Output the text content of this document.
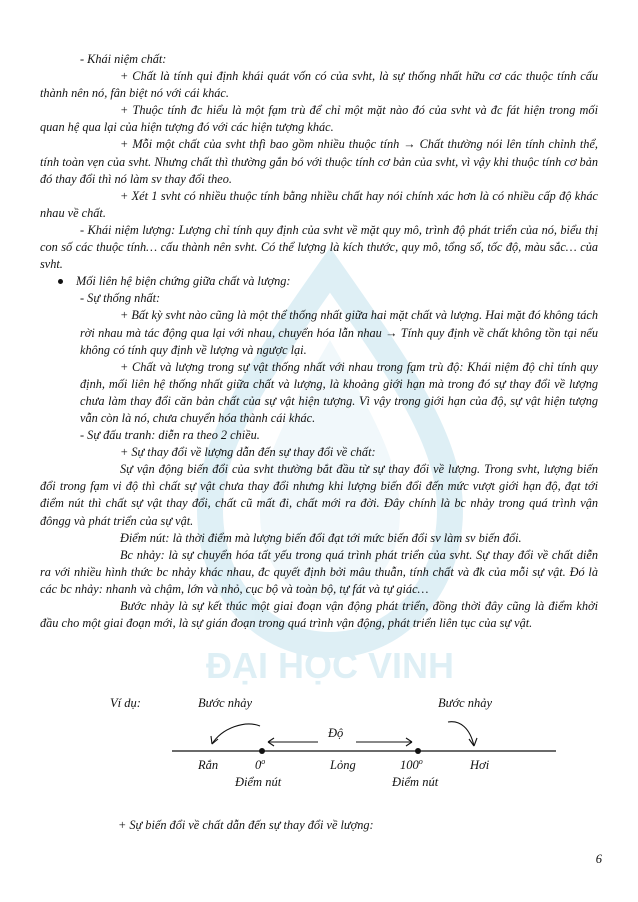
ĐẠI HỌC VINH

- Khái niệm chất:

+ Chất là tính qui định khái quát vốn có của svht, là sự thống nhất hữu cơ các thuộc tính cấu thành nên nó, fân biệt nó với cái khác.

+ Thuộc tính đc hiểu là một fạm trù để chỉ một mặt nào đó của svht và đc fát hiện trong mối quan hệ qua lại của hiện tượng đó với các hiện tượng khác.

+ Mỗi một chất của svht thfì bao gồm nhiều thuộc tính → Chất thường nói lên tính chỉnh thể, tính toàn vẹn của svht. Nhưng chất thì thường gắn bó với thuộc tính cơ bản của svht, vì vậy khi thuộc tính cơ bản đó thay đổi thì nó làm sv thay đổi theo.

+ Xét 1 svht có nhiều thuộc tính bằng nhiều chất hay nói chính xác hơn là có nhiều cấp độ khác nhau về chất.

- Khái niệm lượng: Lượng chỉ tính quy định của svht về mặt quy mô, trình độ phát triển của nó, biểu thị con số các thuộc tính… cấu thành nên svht. Có thể lượng là kích thước, quy mô, tổng số, tốc độ, màu sắc… của svht.

Mối liên hệ biện chứng giữa chất và lượng:

- Sự thống nhất:

+ Bất kỳ svht nào cũng là một thể thống nhất giữa hai mặt chất và lượng. Hai mặt đó không tách rời nhau mà tác động qua lại với nhau, chuyển hóa lẫn nhau → Tính quy định về chất không tồn tại nếu không có tính quy định về lượng và ngược lại.

+ Chất và lượng trong sự vật thống nhất với nhau trong fạm trù độ: Khái niệm độ chỉ tính quy định, mối liên hệ thống nhất giữa chất và lượng, là khoảng giới hạn mà trong đó sự thay đổi về lượng chưa làm thay đổi căn bản chất của sự vật hiện tượng. Vì vậy trong giới hạn của độ, sự vật hiện tượng vẫn còn là nó, chưa chuyển hóa thành cái khác.

- Sự đấu tranh: diễn ra theo 2 chiều.

+ Sự thay đổi về lượng dẫn đến sự thay đổi về chất:

Sự vận động biến đổi của svht thường bắt đầu từ sự thay đổi về lượng. Trong svht, lượng biến đổi trong fạm vi độ thì chất sự vật chưa thay đổi nhưng khi lượng biến đổi đến mức vượt giới hạn độ, đạt tới điểm nút thì chất sự vật thay đổi, chất cũ mất đi, chất mới ra đời. Đây chính là bc nhảy trong quá trình vận đôngg và phát triển của sự vật.

Điểm nút: là thời điểm mà lượng biến đổi đạt tới mức biến đổi sv làm sv biến đổi.

Bc nhảy: là sự chuyển hóa tất yếu trong quá trình phát triển của svht. Sự thay đổi về chất diễn ra với nhiều hình thức bc nhảy khác nhau, đc quyết định bởi mâu thuẫn, tính chất và đk của mỗi sự vật. Đó là các bc nhảy: nhanh và chậm, lớn và nhỏ, cục bộ và toàn bộ, tự fát và tự giác…

Bước nhảy là sự kết thúc một giai đoạn vận động phát triển, đồng thời đây cũng là điểm khởi đầu cho một giai đoạn mới, là sự gián đoạn trong quá trình vận động, phát triển liên tục của sự vật.

Ví dụ:	Bước nhảy	Bước nhảy
Độ
Rắn	0$^o$	Lỏng	100$^o$	Hơi
Điểm nút	Điểm nút
+ Sự biến đổi về chất dẫn đến sự thay đổi về lượng:
6
